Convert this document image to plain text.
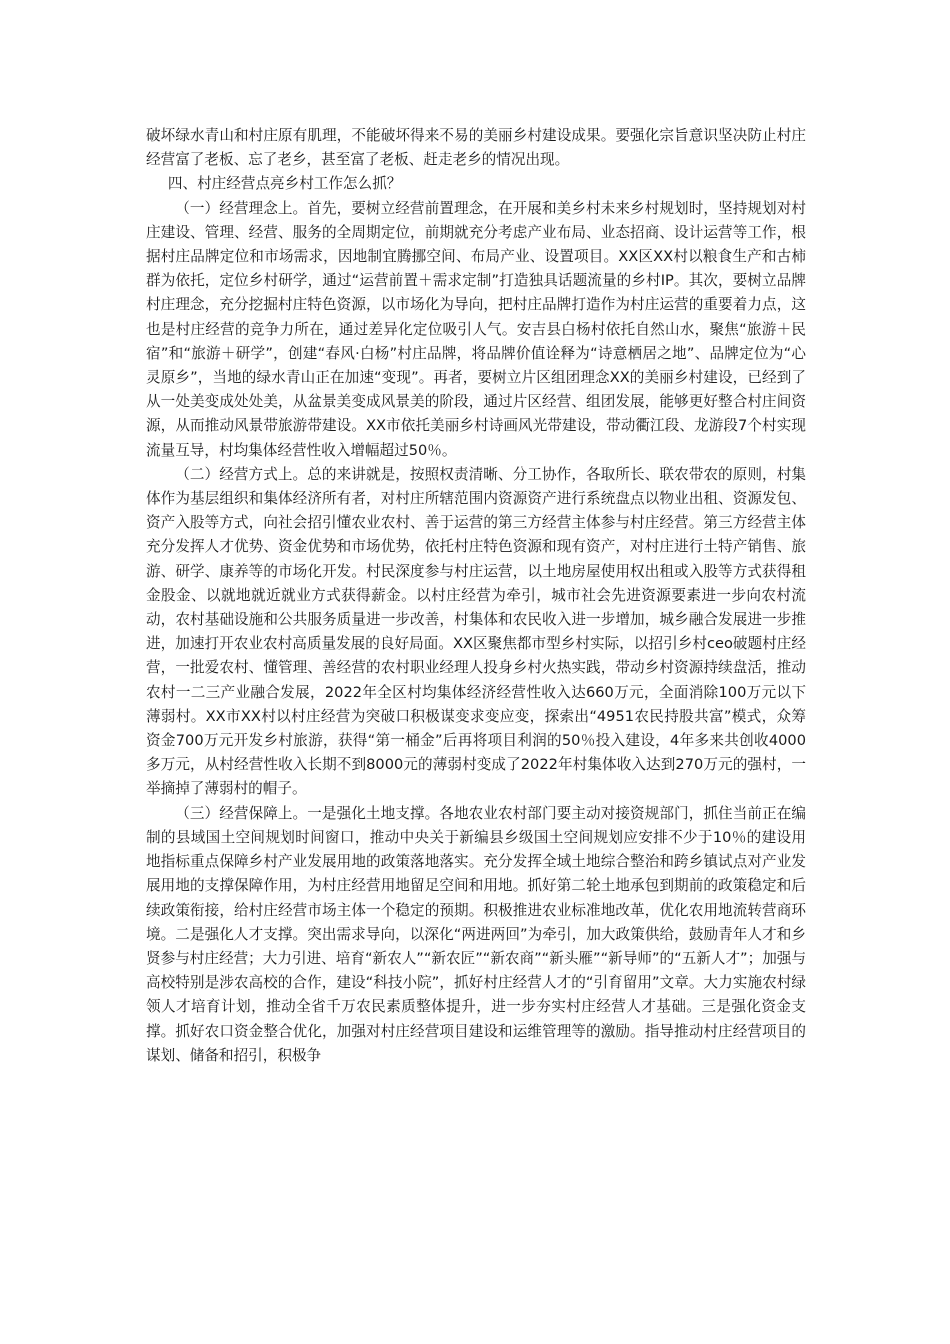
破坏绿水青山和村庄原有肌理，不能破坏得来不易的美丽乡村建设成果。要强化宗旨意识坚决防止村庄经营富了老板、忘了老乡，甚至富了老板、赶走老乡的情况出现。

四、村庄经营点亮乡村工作怎么抓？

（一）经营理念上。首先，要树立经营前置理念，在开展和美乡村未来乡村规划时，坚持规划对村庄建设、管理、经营、服务的全周期定位，前期就充分考虑产业布局、业态招商、设计运营等工作，根据村庄品牌定位和市场需求，因地制宜腾挪空间、布局产业、设置项目。XX区XX村以粮食生产和古柿群为依托，定位乡村研学，通过“运营前置＋需求定制”打造独具话题流量的乡村IP。其次，要树立品牌村庄理念，充分挖掘村庄特色资源，以市场化为导向，把村庄品牌打造作为村庄运营的重要着力点，这也是村庄经营的竞争力所在，通过差异化定位吸引人气。安吉县白杨村依托自然山水，聚焦“旅游＋民宿”和“旅游＋研学”，创建“春风·白杨”村庄品牌，将品牌价值诠释为“诗意栖居之地”、品牌定位为“心灵原乡”，当地的绿水青山正在加速“变现”。再者，要树立片区组团理念XX的美丽乡村建设，已经到了从一处美变成处处美，从盆景美变成风景美的阶段，通过片区经营、组团发展，能够更好整合村庄间资源，从而推动风景带旅游带建设。XX市依托美丽乡村诗画风光带建设，带动衢江段、龙游段7个村实现流量互导，村均集体经营性收入增幅超过50％。

（二）经营方式上。总的来讲就是，按照权责清晰、分工协作，各取所长、联农带农的原则，村集体作为基层组织和集体经济所有者，对村庄所辖范围内资源资产进行系统盘点以物业出租、资源发包、资产入股等方式，向社会招引懂农业农村、善于运营的第三方经营主体参与村庄经营。第三方经营主体充分发挥人才优势、资金优势和市场优势，依托村庄特色资源和现有资产，对村庄进行土特产销售、旅游、研学、康养等的市场化开发。村民深度参与村庄运营，以土地房屋使用权出租或入股等方式获得租金股金、以就地就近就业方式获得薪金。以村庄经营为牵引，城市社会先进资源要素进一步向农村流动，农村基础设施和公共服务质量进一步改善，村集体和农民收入进一步增加，城乡融合发展进一步推进，加速打开农业农村高质量发展的良好局面。XX区聚焦都市型乡村实际，以招引乡村ceo破题村庄经营，一批爱农村、懂管理、善经营的农村职业经理人投身乡村火热实践，带动乡村资源持续盘活，推动农村一二三产业融合发展，2022年全区村均集体经济经营性收入达660万元，全面消除100万元以下薄弱村。XX市XX村以村庄经营为突破口积极谋变求变应变，探索出“4951农民持股共富”模式，众筹资金700万元开发乡村旅游，获得“第一桶金”后再将项目利润的50％投入建设，4年多来共创收4000多万元，从村经营性收入长期不到8000元的薄弱村变成了2022年村集体收入达到270万元的强村，一举摘掉了薄弱村的帽子。

（三）经营保障上。一是强化土地支撑。各地农业农村部门要主动对接资规部门，抓住当前正在编制的县域国土空间规划时间窗口，推动中央关于新编县乡级国土空间规划应安排不少于10％的建设用地指标重点保障乡村产业发展用地的政策落地落实。充分发挥全域土地综合整治和跨乡镇试点对产业发展用地的支撑保障作用，为村庄经营用地留足空间和用地。抓好第二轮土地承包到期前的政策稳定和后续政策衔接，给村庄经营市场主体一个稳定的预期。积极推进农业标准地改革，优化农用地流转营商环境。二是强化人才支撑。突出需求导向，以深化“两进两回”为牵引，加大政策供给，鼓励青年人才和乡贤参与村庄经营；大力引进、培育“新农人”“新农匠”“新农商”“新头雁”“新导师”的“五新人才”；加强与高校特别是涉农高校的合作，建设“科技小院”，抓好村庄经营人才的“引育留用”文章。大力实施农村绿领人才培育计划，推动全省千万农民素质整体提升，进一步夯实村庄经营人才基础。三是强化资金支撑。抓好农口资金整合优化，加强对村庄经营项目建设和运维管理等的激励。指导推动村庄经营项目的谋划、储备和招引，积极争
